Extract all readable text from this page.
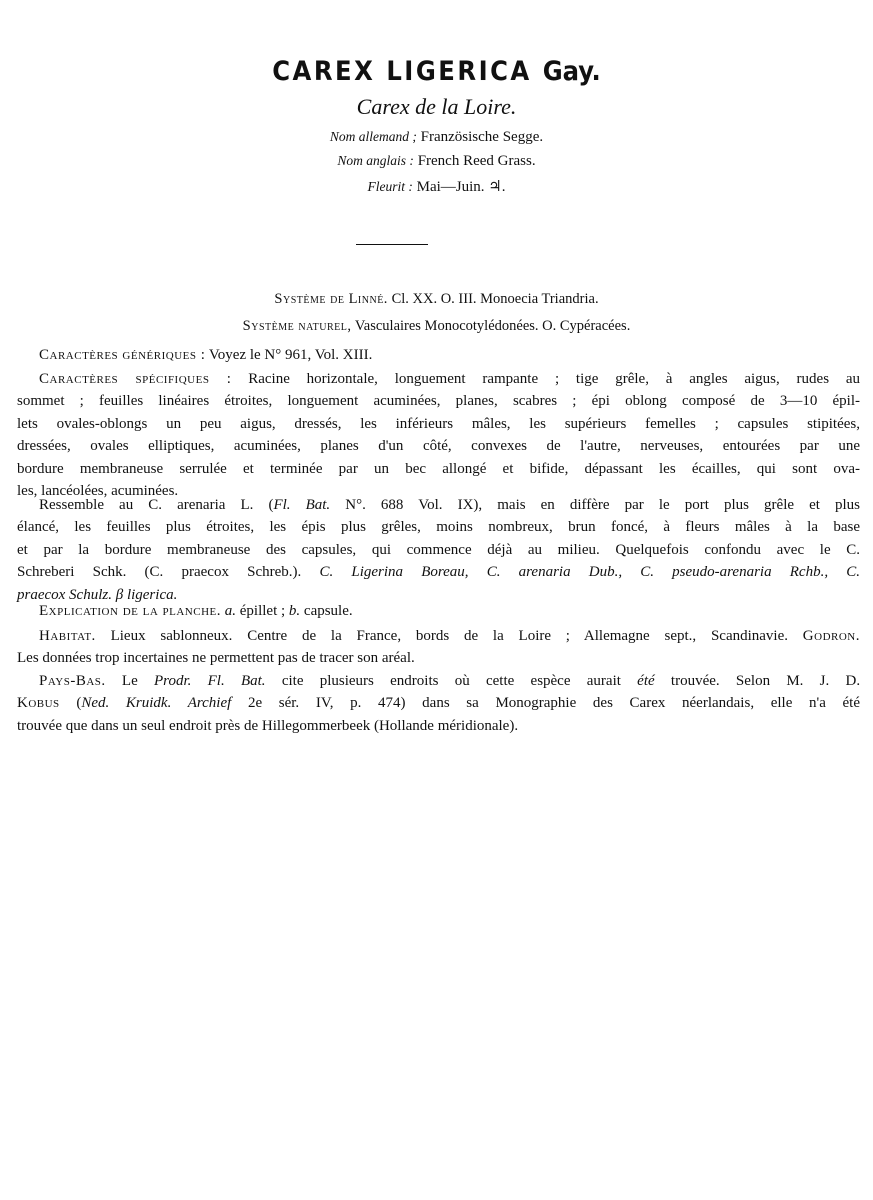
CAREX LIGERICA Gay.
Carex de la Loire.
Nom allemand ; Französische Segge.
Nom anglais : French Reed Grass.
Fleurit : Mai—Juin. ♃.
Système de Linné. Cl. XX. O. III. Monoecia Triandria.
Système naturel, Vasculaires Monocotylédonées. O. Cypéracées.
Caractères génériques : Voyez le N° 961, Vol. XIII.
Caractères spécifiques : Racine horizontale, longuement rampante ; tige grêle, à angles aigus, rudes au
sommet ; feuilles linéaires étroites, longuement acuminées, planes, scabres ; épi oblong composé de 3—10 épil-
lets ovales-oblongs un peu aigus, dressés, les inférieurs mâles, les supérieurs femelles ; capsules stipitées,
dressées, ovales elliptiques, acuminées, planes d'un côté, convexes de l'autre, nerveuses, entourées par une
bordure membraneuse serrulée et terminée par un bec allongé et bifide, dépassant les écailles, qui sont ova-
les, lancéolées, acuminées.
Ressemble au C. arenaria L. (Fl. Bat. N°. 688 Vol. IX), mais en diffère par le port plus grêle et plus
élancé, les feuilles plus étroites, les épis plus grêles, moins nombreux, brun foncé, à fleurs mâles à la base
et par la bordure membraneuse des capsules, qui commence déjà au milieu. Quelquefois confondu avec le C.
Schreberi Schk. (C. praecox Schreb.). C. Ligerina Boreau, C. arenaria Dub., C. pseudo-arenaria Rchb., C.
praecox Schulz. β ligerica.
Explication de la planche. a. épillet ; b. capsule.
Habitat. Lieux sablonneux. Centre de la France, bords de la Loire ; Allemagne sept., Scandinavie. Godron.
Les données trop incertaines ne permettent pas de tracer son aréal.
Pays-Bas. Le Prodr. Fl. Bat. cite plusieurs endroits où cette espèce aurait été trouvée. Selon M. J. D.
Kobus (Ned. Kruidk. Archief 2e sér. IV, p. 474) dans sa Monographie des Carex néerlandais, elle n'a été
trouvée que dans un seul endroit près de Hillegommerbeek (Hollande méridionale).
